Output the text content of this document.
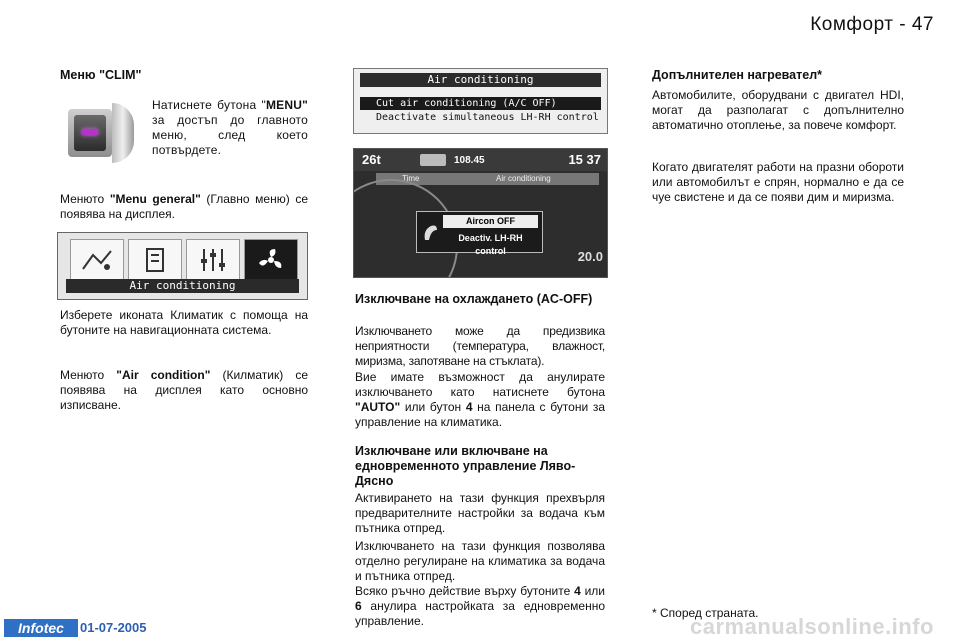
Комфорт - 47
Меню "CLIM"
Натиснете бутона "MENU" за достъп до главното меню, след което потвърдете.
Менюто "Menu general" (Главно меню) се появява на дисплея.
Air conditioning
Изберете иконата Климатик с помоща на бутоните на навигационната система.
Менюто "Air condition" (Килматик) се появява на дисплея като основно изписване.
Air conditioning
Cut air conditioning (A/C OFF)
Deactivate simultaneous LH-RH control
26t	108.45	15 37
Time	Air conditioning
Aircon OFF
Deactiv. LH-RH control	20.0
Изключване на охлаждането (AC-OFF)
Изключването може да предизвика неприятности (температура, влажност, миризма, запотяване на стъклата).
Вие имате възможност да анулирате изключването като натиснете бутона "AUTO" или бутон 4 на панела с бутони за управление на климатика.
Изключване или включване на едновременното управление Ляво-Дясно
Активирането на тази функция прехвърля предварителните настройки за водача към пътника отпред.
Изключването на тази функция позволява отделно регулиране на климатика за водача и пътника отпред.
Всяко ръчно действие върху бутоните 4 или 6 анулира настройката за едновременно управление.
Допълнителен нагревател*
Автомобилите, оборудвани с двигател HDI, могат да разполагат с допълнително автоматично отоплење, за повече комфорт.
Когато двигателят работи на празни обороти или автомобилът е спрян, нормално е да се чуе свистене и да се появи дим и миризма.
* Според страната.
Infotec	01-07-2005	carmanualsonline.info
